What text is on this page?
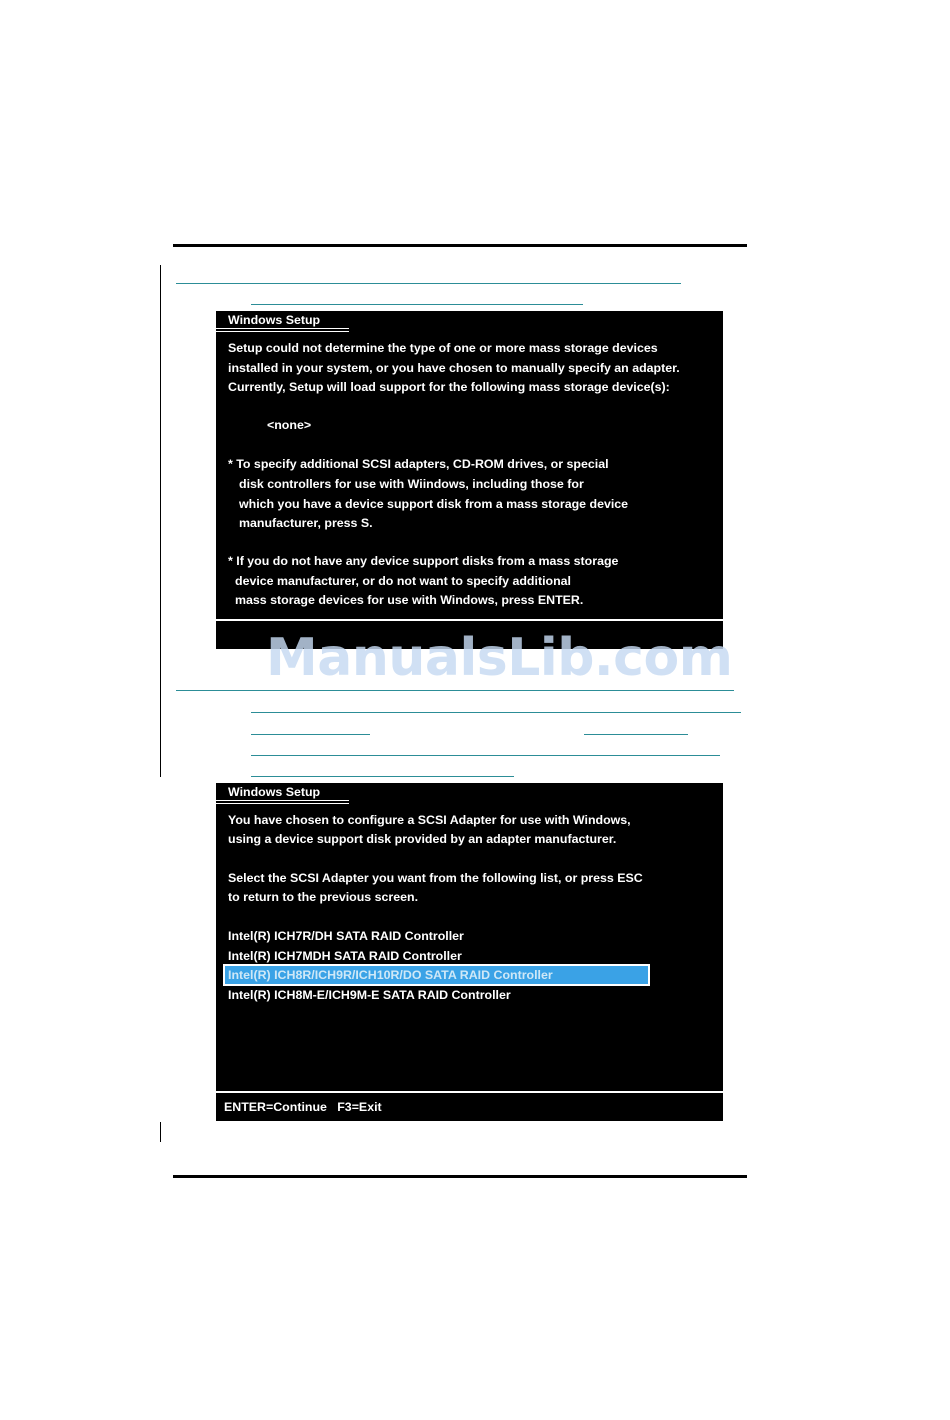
Windows Setup
Setup could not determine the type of one or more mass storage devices
installed in your system, or you have chosen to manually specify an adapter.
Currently, Setup will load support for the following mass storage device(s):
<none>
* To specify additional SCSI adapters, CD-ROM drives, or special
disk controllers for use with Wiindows, including those for
which you have a device support disk from a mass storage device
manufacturer, press S.
* If you do not have any device support disks from a mass storage
device manufacturer, or do not want to specify additional
mass storage devices for use with Windows, press ENTER.
ManualsLib.com
Windows Setup
You have chosen to configure a SCSI Adapter for use with Windows,
using a device support disk provided by an adapter manufacturer.
Select the SCSI Adapter you want from the following list, or press ESC
to return to the previous screen.
Intel(R) ICH7R/DH SATA RAID Controller
Intel(R) ICH7MDH SATA RAID Controller
Intel(R) ICH8R/ICH9R/ICH10R/DO SATA RAID Controller
Intel(R) ICH8M-E/ICH9M-E SATA RAID Controller
ENTER=Continue   F3=Exit
